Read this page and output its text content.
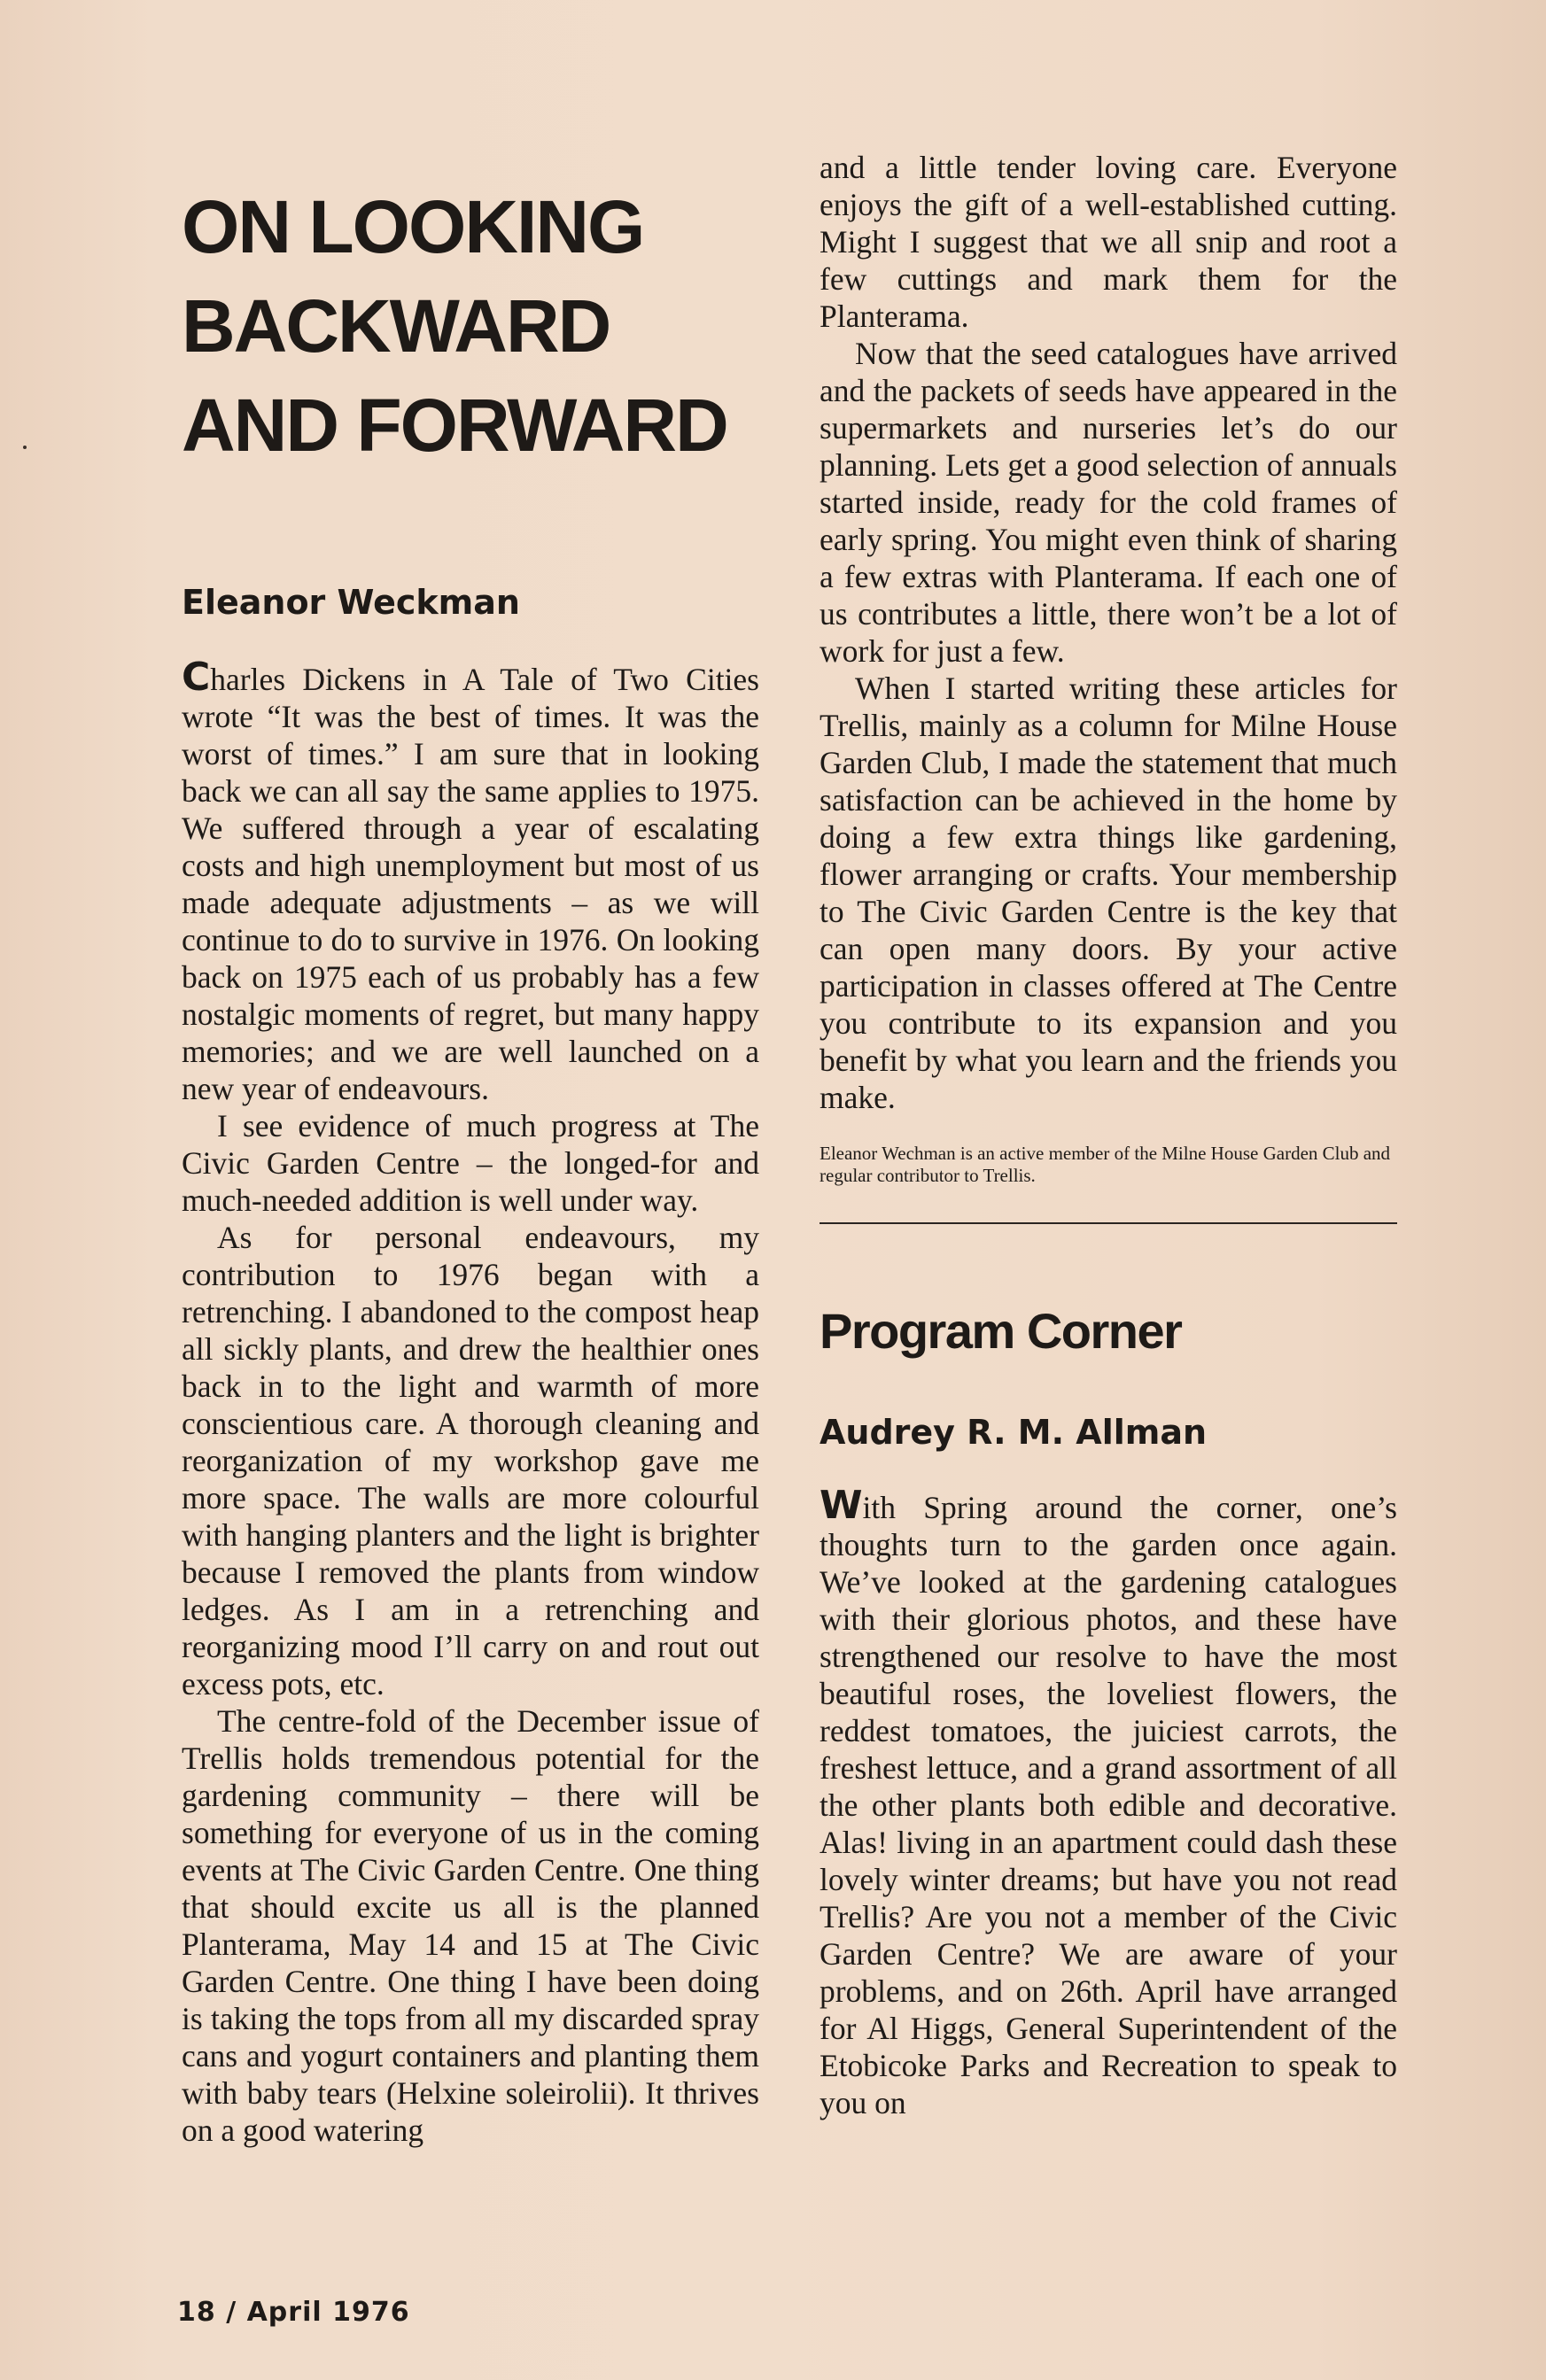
ON LOOKING
BACKWARD
AND FORWARD

Eleanor Weckman

Charles Dickens in A Tale of Two Cities wrote “It was the best of times. It was the worst of times.” I am sure that in looking back we can all say the same applies to 1975. We suffered through a year of escalating costs and high unemployment but most of us made adequate adjustments – as we will continue to do to survive in 1976. On looking back on 1975 each of us probably has a few nostalgic moments of regret, but many happy memories; and we are well launched on a new year of endeavours.

I see evidence of much progress at The Civic Garden Centre – the longed-for and much-needed addition is well under way.

As for personal endeavours, my contribution to 1976 began with a retrenching. I abandoned to the compost heap all sickly plants, and drew the healthier ones back in to the light and warmth of more conscientious care. A thorough cleaning and reorganization of my workshop gave me more space. The walls are more colourful with hanging planters and the light is brighter because I removed the plants from window ledges. As I am in a retrenching and reorganizing mood I’ll carry on and rout out excess pots, etc.

The centre-fold of the December issue of Trellis holds tremendous potential for the gardening community – there will be something for everyone of us in the coming events at The Civic Garden Centre. One thing that should excite us all is the planned Planterama, May 14 and 15 at The Civic Garden Centre. One thing I have been doing is taking the tops from all my discarded spray cans and yogurt containers and planting them with baby tears (Helxine soleirolii). It thrives on a good watering

and a little tender loving care. Everyone enjoys the gift of a well-established cutting. Might I suggest that we all snip and root a few cuttings and mark them for the Planterama.

Now that the seed catalogues have arrived and the packets of seeds have appeared in the supermarkets and nurseries let’s do our planning. Lets get a good selection of annuals started inside, ready for the cold frames of early spring. You might even think of sharing a few extras with Planterama. If each one of us contributes a little, there won’t be a lot of work for just a few.

When I started writing these articles for Trellis, mainly as a column for Milne House Garden Club, I made the statement that much satisfaction can be achieved in the home by doing a few extra things like gardening, flower arranging or crafts. Your membership to The Civic Garden Centre is the key that can open many doors. By your active participation in classes offered at The Centre you contribute to its expansion and you benefit by what you learn and the friends you make.

Eleanor Wechman is an active member of the Milne House Garden Club and regular contributor to Trellis.

Program Corner

Audrey R. M. Allman

With Spring around the corner, one’s thoughts turn to the garden once again. We’ve looked at the gardening catalogues with their glorious photos, and these have strengthened our resolve to have the most beautiful roses, the loveliest flowers, the reddest tomatoes, the juiciest carrots, the freshest lettuce, and a grand assortment of all the other plants both edible and decorative. Alas! living in an apartment could dash these lovely winter dreams; but have you not read Trellis? Are you not a member of the Civic Garden Centre? We are aware of your problems, and on 26th. April have arranged for Al Higgs, General Superintendent of the Etobicoke Parks and Recreation to speak to you on

18 / April 1976
